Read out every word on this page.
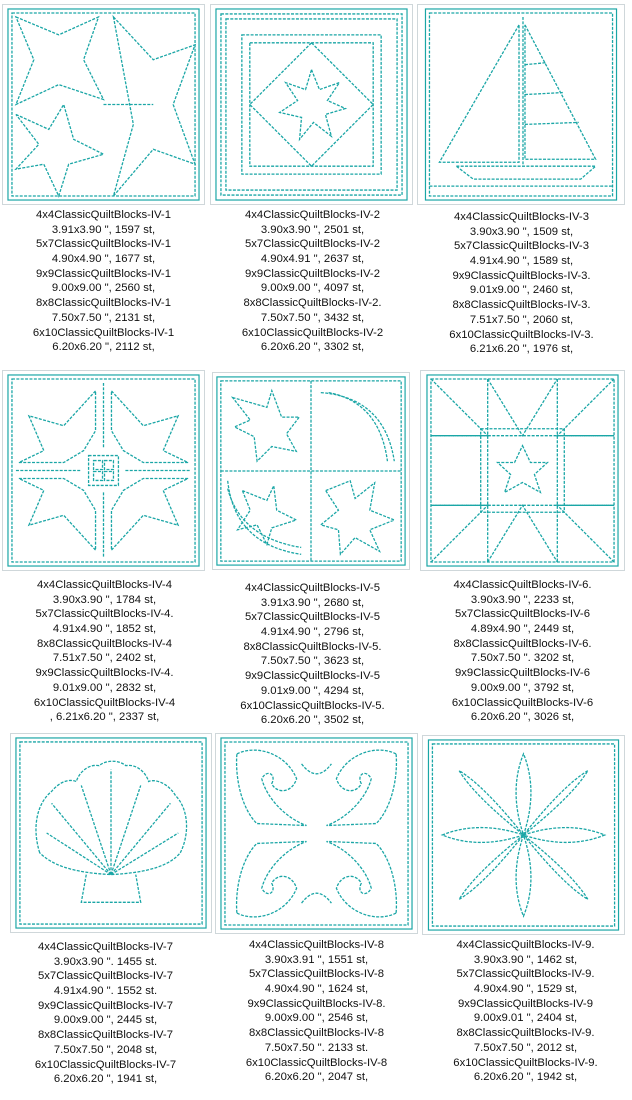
4x4ClassicQuiltBlocks-IV-1
3.91x3.90 ", 1597 st,
5x7ClassicQuiltBlocks-IV-1
4.90x4.90 ", 1677 st,
9x9ClassicQuiltBlocks-IV-1
9.00x9.00 ", 2560 st,
8x8ClassicQuiltBlocks-IV-1
7.50x7.50 ", 2131 st,
6x10ClassicQuiltBlocks-IV-1
6.20x6.20 ", 2112 st,
4x4ClassicQuiltBlocks-IV-2
3.90x3.90 ", 2501 st,
5x7ClassicQuiltBlocks-IV-2
4.90x4.91 ", 2637 st,
9x9ClassicQuiltBlocks-IV-2
9.00x9.00 ", 4097 st,
8x8ClassicQuiltBlocks-IV-2.
7.50x7.50 ", 3432 st,
6x10ClassicQuiltBlocks-IV-2
6.20x6.20 ", 3302 st,
4x4ClassicQuiltBlocks-IV-3
3.90x3.90 ", 1509 st,
5x7ClassicQuiltBlocks-IV-3
4.91x4.90 ", 1589 st,
9x9ClassicQuiltBlocks-IV-3.
9.01x9.00 ", 2460 st,
8x8ClassicQuiltBlocks-IV-3.
7.51x7.50 ", 2060 st,
6x10ClassicQuiltBlocks-IV-3.
6.21x6.20 ", 1976 st,
4x4ClassicQuiltBlocks-IV-4
3.90x3.90 ", 1784 st,
5x7ClassicQuiltBlocks-IV-4.
4.91x4.90 ", 1852 st,
8x8ClassicQuiltBlocks-IV-4
7.51x7.50 ", 2402 st,
9x9ClassicQuiltBlocks-IV-4.
9.01x9.00 ", 2832 st,
6x10ClassicQuiltBlocks-IV-4
, 6.21x6.20 ", 2337 st,
4x4ClassicQuiltBlocks-IV-5
3.91x3.90 ", 2680 st,
5x7ClassicQuiltBlocks-IV-5
4.91x4.90 ", 2796 st,
8x8ClassicQuiltBlocks-IV-5.
7.50x7.50 ", 3623 st,
9x9ClassicQuiltBlocks-IV-5
9.01x9.00 ", 4294 st,
6x10ClassicQuiltBlocks-IV-5.
6.20x6.20 ", 3502 st,
4x4ClassicQuiltBlocks-IV-6.
3.90x3.90 ", 2233 st,
5x7ClassicQuiltBlocks-IV-6
4.89x4.90 ", 2449 st,
8x8ClassicQuiltBlocks-IV-6.
7.50x7.50 ". 3202 st,
9x9ClassicQuiltBlocks-IV-6
9.00x9.00 ", 3792 st,
6x10ClassicQuiltBlocks-IV-6
6.20x6.20 ", 3026 st,
4x4ClassicQuiltBlocks-IV-7
3.90x3.90 ". 1455 st.
5x7ClassicQuiltBlocks-IV-7
4.91x4.90 ". 1552 st.
9x9ClassicQuiltBlocks-IV-7
9.00x9.00 ", 2445 st,
8x8ClassicQuiltBlocks-IV-7
7.50x7.50 ", 2048 st,
6x10ClassicQuiltBlocks-IV-7
6.20x6.20 ", 1941 st,
4x4ClassicQuiltBlocks-IV-8
3.90x3.91 ", 1551 st,
5x7ClassicQuiltBlocks-IV-8
4.90x4.90 ", 1624 st,
9x9ClassicQuiltBlocks-IV-8.
9.00x9.00 ", 2546 st,
8x8ClassicQuiltBlocks-IV-8
7.50x7.50 ". 2133 st.
6x10ClassicQuiltBlocks-IV-8
6.20x6.20 ", 2047 st,
4x4ClassicQuiltBlocks-IV-9.
3.90x3.90 ", 1462 st,
5x7ClassicQuiltBlocks-IV-9.
4.90x4.90 ", 1529 st,
9x9ClassicQuiltBlocks-IV-9
9.00x9.01 ", 2404 st,
8x8ClassicQuiltBlocks-IV-9.
7.50x7.50 ", 2012 st,
6x10ClassicQuiltBlocks-IV-9.
6.20x6.20 ", 1942 st,
